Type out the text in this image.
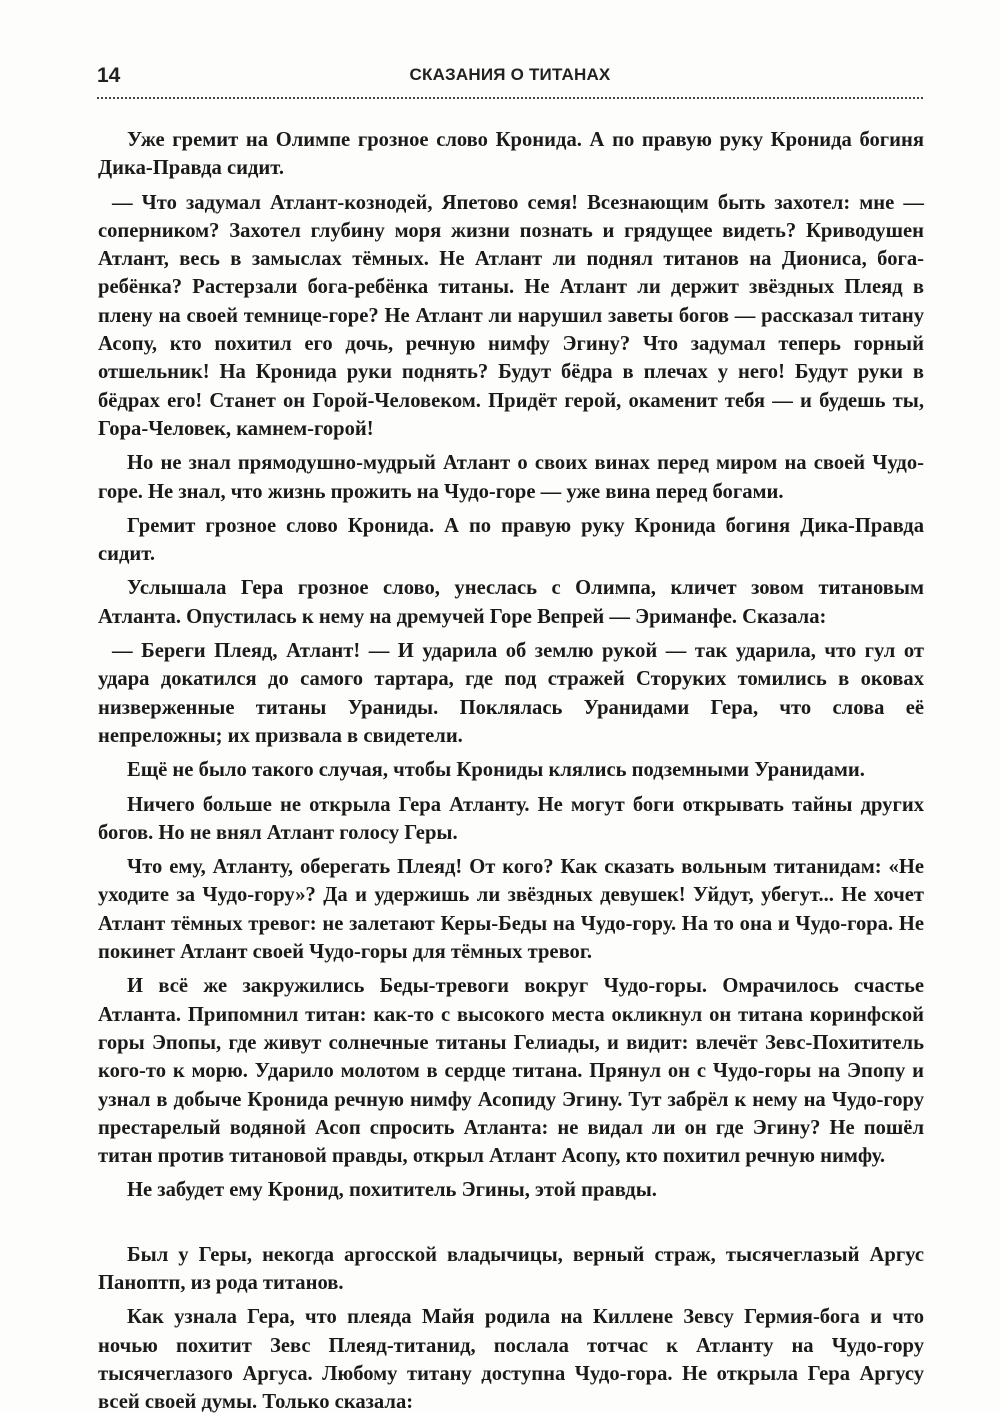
14	СКАЗАНИЯ О ТИТАНАХ

Уже гремит на Олимпе грозное слово Кронида. А по правую руку Кронида богиня Дика-Правда сидит.

— Что задумал Атлант-кознодей, Япетово семя! Всезнающим быть захотел: мне — соперником? Захотел глубину моря жизни познать и грядущее видеть? Криводушен Атлант, весь в замыслах тёмных. Не Атлант ли поднял титанов на Диониса, бога-ребёнка? Растерзали бога-ребёнка титаны. Не Атлант ли держит звёздных Плеяд в плену на своей темнице-горе? Не Атлант ли нарушил заветы богов — рассказал титану Асопу, кто похитил его дочь, речную нимфу Эгину? Что задумал теперь горный отшельник! На Кронида руки поднять? Будут бёдра в плечах у него! Будут руки в бёдрах его! Станет он Горой-Человеком. Придёт герой, окаменит тебя — и будешь ты, Гора-Человек, камнем-горой!

Но не знал прямодушно-мудрый Атлант о своих винах перед миром на своей Чудо-горе. Не знал, что жизнь прожить на Чудо-горе — уже вина перед богами.

Гремит грозное слово Кронида. А по правую руку Кронида богиня Дика-Правда сидит.

Услышала Гера грозное слово, унеслась с Олимпа, кличет зовом титановым Атланта. Опустилась к нему на дремучей Горе Вепрей — Эриманфе. Сказала:

— Береги Плеяд, Атлант! — И ударила об землю рукой — так ударила, что гул от удара докатился до самого тартара, где под стражей Сторуких томились в оковах низверженные титаны Ураниды. Поклялась Уранидами Гера, что слова её непреложны; их призвала в свидетели.

Ещё не было такого случая, чтобы Крониды клялись подземными Уранидами.

Ничего больше не открыла Гера Атланту. Не могут боги открывать тайны других богов. Но не внял Атлант голосу Геры.

Что ему, Атланту, оберегать Плеяд! От кого? Как сказать вольным титанидам: «Не уходите за Чудо-гору»? Да и удержишь ли звёздных девушек! Уйдут, убегут... Не хочет Атлант тёмных тревог: не залетают Керы-Беды на Чудо-гору. На то она и Чудо-гора. Не покинет Атлант своей Чудо-горы для тёмных тревог.

И всё же закружились Беды-тревоги вокруг Чудо-горы. Омрачилось счастье Атланта. Припомнил титан: как-то с высокого места окликнул он титана коринфской горы Эпопы, где живут солнечные титаны Гелиады, и видит: влечёт Зевс-Похититель кого-то к морю. Ударило молотом в сердце титана. Прянул он с Чудо-горы на Эпопу и узнал в добыче Кронида речную нимфу Асопиду Эгину. Тут забрёл к нему на Чудо-гору престарелый водяной Асоп спросить Атланта: не видал ли он где Эгину? Не пошёл титан против титановой правды, открыл Атлант Асопу, кто похитил речную нимфу.

Не забудет ему Кронид, похититель Эгины, этой правды.

Был у Геры, некогда аргосской владычицы, верный страж, тысячеглазый Аргус Паноптп, из рода титанов.

Как узнала Гера, что плеяда Майя родила на Киллене Зевсу Гермия-бога и что ночью похитит Зевс Плеяд-титанид, послала тотчас к Атланту на Чудо-гору тысячеглазого Аргуса. Любому титану доступна Чудо-гора. Не открыла Гера Аргусу всей своей думы. Только сказала:
